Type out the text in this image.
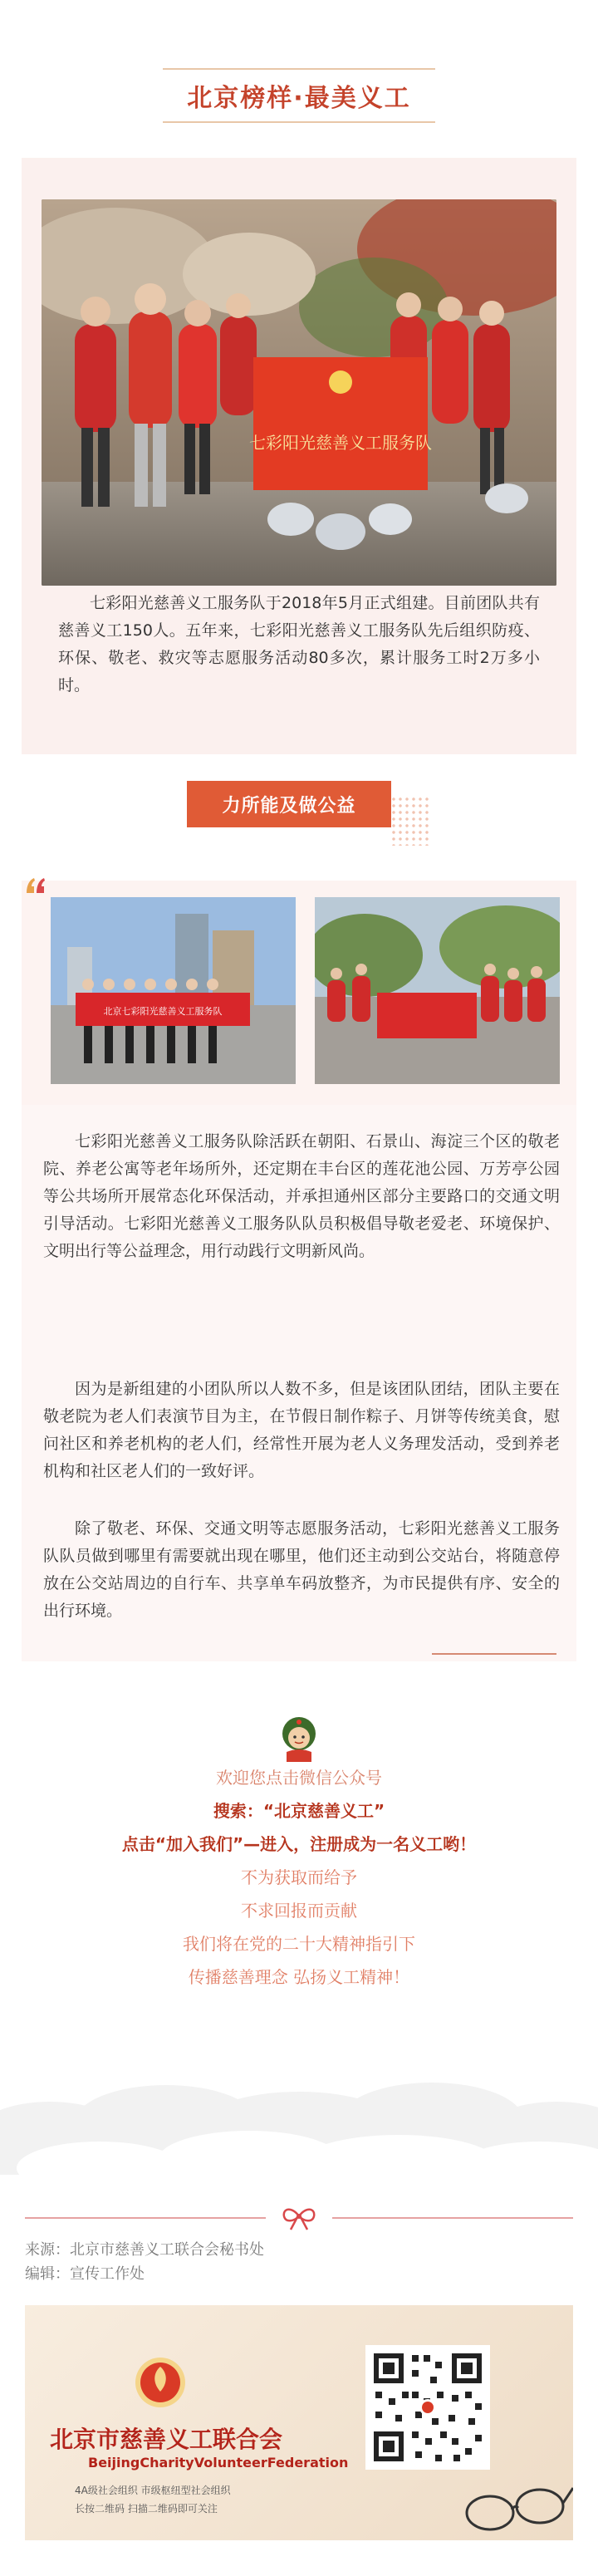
北京榜样·最美义工
七彩阳光慈善义工服务队
七彩阳光慈善义工服务队于2018年5月正式组建。目前团队共有慈善义工150人。五年来，七彩阳光慈善义工服务队先后组织防疫、环保、敬老、救灾等志愿服务活动80多次，累计服务工时2万多小时。
力所能及做公益
北京七彩阳光慈善义工服务队

七彩阳光慈善义工服务队除活跃在朝阳、石景山、海淀三个区的敬老院、养老公寓等老年场所外，还定期在丰台区的莲花池公园、万芳亭公园等公共场所开展常态化环保活动，并承担通州区部分主要路口的交通文明引导活动。七彩阳光慈善义工服务队队员积极倡导敬老爱老、环境保护、文明出行等公益理念，用行动践行文明新风尚。

因为是新组建的小团队所以人数不多，但是该团队团结，团队主要在敬老院为老人们表演节目为主，在节假日制作粽子、月饼等传统美食，慰问社区和养老机构的老人们，经常性开展为老人义务理发活动，受到养老机构和社区老人们的一致好评。

除了敬老、环保、交通文明等志愿服务活动，七彩阳光慈善义工服务队队员做到哪里有需要就出现在哪里，他们还主动到公交站台，将随意停放在公交站周边的自行车、共享单车码放整齐，为市民提供有序、安全的出行环境。

欢迎您点击微信公众号
搜索：“北京慈善义工”
点击“加入我们”—进入，注册成为一名义工哟！
不为获取而给予
不求回报而贡献
我们将在党的二十大精神指引下
传播慈善理念 弘扬义工精神！
来源：北京市慈善义工联合会秘书处
编辑：宣传工作处
北京市慈善义工联合会
BeijingCharityVolunteerFederation
4A级社会组织 市级枢纽型社会组织
长按二维码 扫描二维码即可关注
